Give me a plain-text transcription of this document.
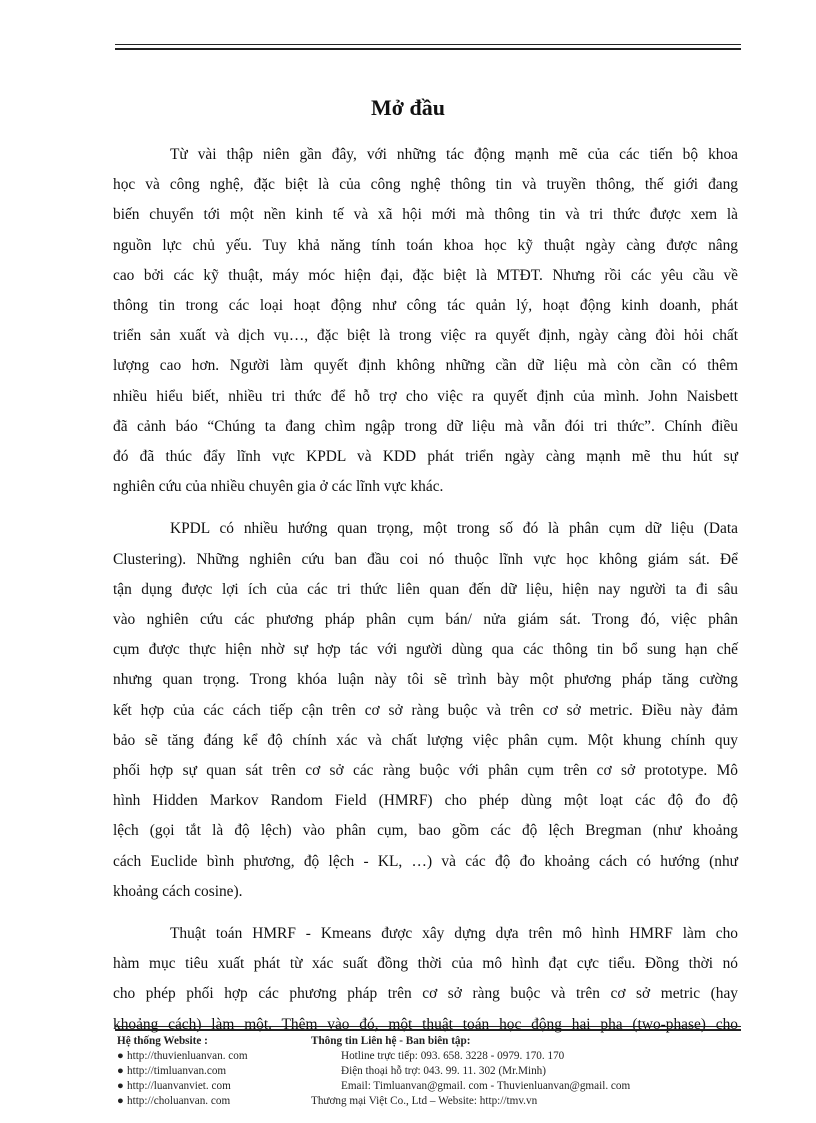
Mở đầu
Từ vài thập niên gần đây, với những tác động mạnh mẽ của các tiến bộ khoa
học và công nghệ, đặc biệt là của công nghệ thông tin và truyền thông, thế giới đang
biến chuyển tới một nền kinh tế và xã hội mới mà thông tin và tri thức được xem là
nguồn lực chủ yếu. Tuy khả năng tính toán khoa học kỹ thuật ngày càng được nâng
cao bởi các kỹ thuật, máy móc hiện đại, đặc biệt là MTĐT. Nhưng rồi các yêu cầu về
thông tin trong các loại hoạt động như công tác quản lý, hoạt động kinh doanh, phát
triển sản xuất và dịch vụ…, đặc biệt là trong việc ra quyết định, ngày càng đòi hỏi chất
lượng cao hơn. Người làm quyết định không những cần dữ liệu mà còn cần có thêm
nhiều hiểu biết, nhiều tri thức để hỗ trợ cho việc ra quyết định của mình. John Naisbett
đã cảnh báo “Chúng ta đang chìm ngập trong dữ liệu mà vẫn đói tri thức”. Chính điều
đó đã thúc đẩy lĩnh vực KPDL và KDD phát triển ngày càng mạnh mẽ thu hút sự
nghiên cứu của nhiều chuyên gia ở các lĩnh vực khác.
KPDL có nhiều hướng quan trọng, một trong số đó là phân cụm dữ liệu (Data
Clustering). Những nghiên cứu ban đầu coi nó thuộc lĩnh vực học không giám sát. Để
tận dụng được lợi ích của các tri thức liên quan đến dữ liệu, hiện nay người ta đi sâu
vào nghiên cứu các phương pháp phân cụm bán/ nửa giám sát. Trong đó, việc phân
cụm được thực hiện nhờ sự hợp tác với người dùng qua các thông tin bổ sung hạn chế
nhưng quan trọng. Trong khóa luận này tôi sẽ trình bày một phương pháp tăng cường
kết hợp của các cách tiếp cận trên cơ sở ràng buộc và trên cơ sở metric. Điều này đảm
bảo sẽ tăng đáng kể độ chính xác và chất lượng việc phân cụm. Một khung chính quy
phối hợp sự quan sát trên cơ sở các ràng buộc với phân cụm trên cơ sở prototype. Mô
hình Hidden Markov Random Field (HMRF) cho phép dùng một loạt các độ đo độ
lệch (gọi tắt là độ lệch) vào phân cụm, bao gồm các độ lệch Bregman (như khoảng
cách Euclide bình phương, độ lệch - KL, …) và các độ đo khoảng cách có hướng (như
khoảng cách cosine).
Thuật toán HMRF - Kmeans được xây dựng dựa trên mô hình HMRF làm cho
hàm mục tiêu xuất phát từ xác suất đồng thời của mô hình đạt cực tiểu. Đồng thời nó
cho phép phối hợp các phương pháp trên cơ sở ràng buộc và trên cơ sở metric (hay
khoảng cách) làm một. Thêm vào đó, một thuật toán học động hai pha (two-phase) cho
Hệ thống Website :
● http://thuvienluanvan. com
● http://timluanvan.com
● http://luanvanviet. com
● http://choluanvan. com
Thông tin Liên hệ - Ban biên tập:
Hotline trực tiếp: 093. 658. 3228 - 0979. 170. 170
Điện thoại hỗ trợ: 043. 99. 11. 302 (Mr.Minh)
Email: Timluanvan@gmail. com - Thuvienluanvan@gmail. com
Thương mại Việt Co., Ltd – Website: http://tmv.vn
